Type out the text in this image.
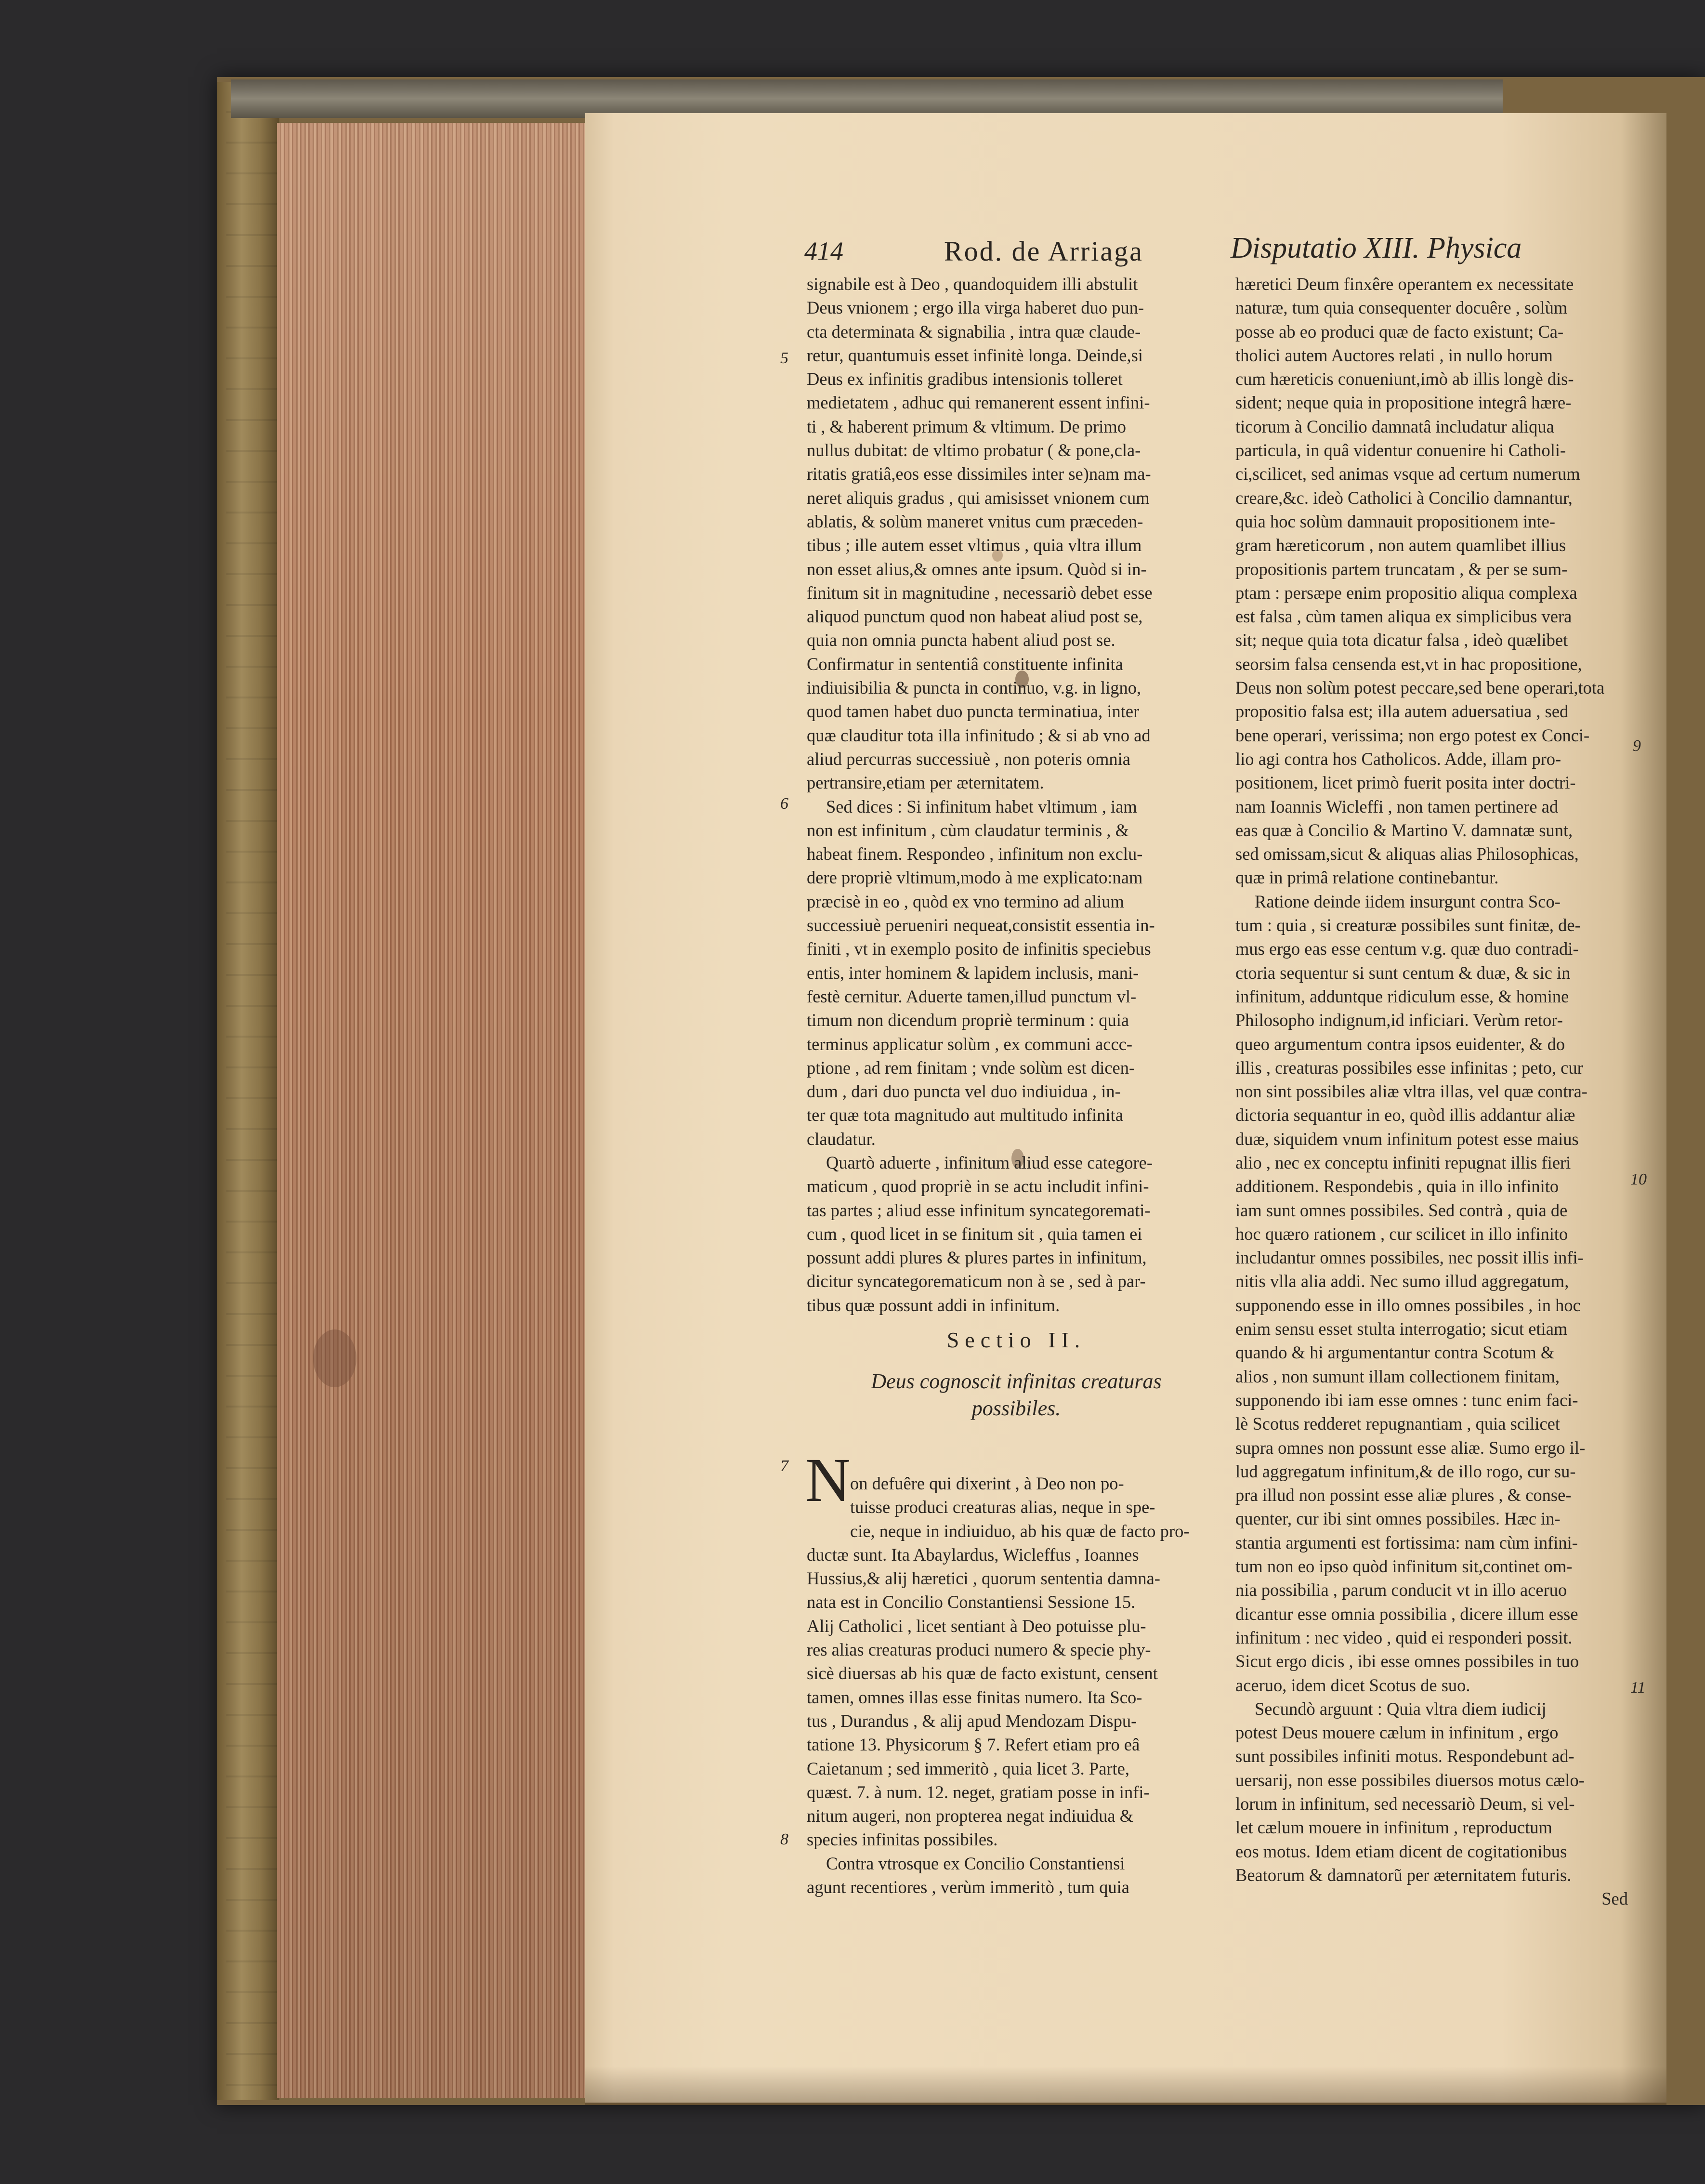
414	Rod. de Arriaga	Disputatio XIII. Physica
signabile est à Deo , quandoquidem illi abstulit
Deus vnionem ; ergo illa virga haberet duo pun-
cta determinata & signabilia , intra quæ claude-
retur, quantumuis esset infinitè longa. Deinde,si
Deus ex infinitis gradibus intensionis tolleret
medietatem , adhuc qui remanerent essent infini-
ti , & haberent primum & vltimum. De primo
nullus dubitat: de vltimo probatur ( & pone,cla-
ritatis gratiâ,eos esse dissimiles inter se)nam ma-
neret aliquis gradus , qui amisisset vnionem cum
ablatis, & solùm maneret vnitus cum præceden-
tibus ; ille autem esset vltimus , quia vltra illum
non esset alius,& omnes ante ipsum. Quòd si in-
finitum sit in magnitudine , necessariò debet esse
aliquod punctum quod non habeat aliud post se,
quia non omnia puncta habent aliud post se.
Confirmatur in sententiâ constituente infinita
indiuisibilia & puncta in continuo, v.g. in ligno,
quod tamen habet duo puncta terminatiua, inter
quæ clauditur tota illa infinitudo ; & si ab vno ad
aliud percurras successiuè , non poteris omnia
pertransire,etiam per æternitatem.
Sed dices : Si infinitum habet vltimum , iam
non est infinitum , cùm claudatur terminis , &
habeat finem. Respondeo , infinitum non exclu-
dere propriè vltimum,modo à me explicato:nam
præcisè in eo , quòd ex vno termino ad alium
successiuè perueniri nequeat,consistit essentia in-
finiti , vt in exemplo posito de infinitis speciebus
entis, inter hominem & lapidem inclusis, mani-
festè cernitur. Aduerte tamen,illud punctum vl-
timum non dicendum propriè terminum : quia
terminus applicatur solùm , ex communi accc-
ptione , ad rem finitam ; vnde solùm est dicen-
dum , dari duo puncta vel duo indiuidua , in-
ter quæ tota magnitudo aut multitudo infinita
claudatur.
Quartò aduerte , infinitum aliud esse categore-
maticum , quod propriè in se actu includit infini-
tas partes ; aliud esse infinitum syncategoremati-
cum , quod licet in se finitum sit , quia tamen ei
possunt addi plures & plures partes in infinitum,
dicitur syncategorematicum non à se , sed à par-
tibus quæ possunt addi in infinitum.
hæretici Deum finxêre operantem ex necessitate
naturæ, tum quia consequenter docuêre , solùm
posse ab eo produci quæ de facto existunt; Ca-
tholici autem Auctores relati , in nullo horum
cum hæreticis conueniunt,imò ab illis longè dis-
sident; neque quia in propositione integrâ hære-
ticorum à Concilio damnatâ includatur aliqua
particula, in quâ videntur conuenire hi Catholi-
ci,scilicet, sed animas vsque ad certum numerum
creare,&c. ideò Catholici à Concilio damnantur,
quia hoc solùm damnauit propositionem inte-
gram hæreticorum , non autem quamlibet illius
propositionis partem truncatam , & per se sum-
ptam : persæpe enim propositio aliqua complexa
est falsa , cùm tamen aliqua ex simplicibus vera
sit; neque quia tota dicatur falsa , ideò quælibet
seorsim falsa censenda est,vt in hac propositione,
Deus non solùm potest peccare,sed bene operari,tota
propositio falsa est; illa autem aduersatiua , sed
bene operari, verissima; non ergo potest ex Conci-
lio agi contra hos Catholicos. Adde, illam pro-
positionem, licet primò fuerit posita inter doctri-
nam Ioannis Wicleffi , non tamen pertinere ad
eas quæ à Concilio & Martino V. damnatæ sunt,
sed omissam,sicut & aliquas alias Philosophicas,
quæ in primâ relatione continebantur.
Ratione deinde iidem insurgunt contra Sco-
tum : quia , si creaturæ possibiles sunt finitæ, de-
mus ergo eas esse centum v.g. quæ duo contradi-
ctoria sequentur si sunt centum & duæ, & sic in
infinitum, adduntque ridiculum esse, & homine
Philosopho indignum,id inficiari. Verùm retor-
queo argumentum contra ipsos euidenter, & do
illis , creaturas possibiles esse infinitas ; peto, cur
non sint possibiles aliæ vltra illas, vel quæ contra-
dictoria sequantur in eo, quòd illis addantur aliæ
duæ, siquidem vnum infinitum potest esse maius
alio , nec ex conceptu infiniti repugnat illis fieri
additionem. Respondebis , quia in illo infinito
iam sunt omnes possibiles. Sed contrà , quia de
hoc quæro rationem , cur scilicet in illo infinito
includantur omnes possibiles, nec possit illis infi-
nitis vlla alia addi. Nec sumo illud aggregatum,
supponendo esse in illo omnes possibiles , in hoc
enim sensu esset stulta interrogatio; sicut etiam
quando & hi argumentantur contra Scotum &
alios , non sumunt illam collectionem finitam,
supponendo ibi iam esse omnes : tunc enim faci-
lè Scotus redderet repugnantiam , quia scilicet
supra omnes non possunt esse aliæ. Sumo ergo il-
lud aggregatum infinitum,& de illo rogo, cur su-
pra illud non possint esse aliæ plures , & conse-
quenter, cur ibi sint omnes possibiles. Hæc in-
stantia argumenti est fortissima: nam cùm infini-
tum non eo ipso quòd infinitum sit,continet om-
nia possibilia , parum conducit vt in illo aceruo
dicantur esse omnia possibilia , dicere illum esse
infinitum : nec video , quid ei responderi possit.
Sicut ergo dicis , ibi esse omnes possibiles in tuo
aceruo, idem dicet Scotus de suo.
Secundò arguunt : Quia vltra diem iudicij
potest Deus mouere cælum in infinitum , ergo
sunt possibiles infiniti motus. Respondebunt ad-
uersarij, non esse possibiles diuersos motus cælo-
lorum in infinitum, sed necessariò Deum, si vel-
let cælum mouere in infinitum , reproductum
eos motus. Idem etiam dicent de cogitationibus
Beatorum & damnatorũ per æternitatem futuris.
Sed
Sectio II.
Deus cognoscit infinitas creaturas
possibiles.
N on defuêre qui dixerint , à Deo non po-
tuisse produci creaturas alias, neque in spe-
cie, neque in indiuiduo, ab his quæ de facto pro-
ductæ sunt. Ita Abaylardus, Wicleffus , Ioannes
Hussius,& alij hæretici , quorum sententia damna-
nata est in Concilio Constantiensi Sessione 15.
Alij Catholici , licet sentiant à Deo potuisse plu-
res alias creaturas produci numero & specie phy-
sicè diuersas ab his quæ de facto existunt, censent
tamen, omnes illas esse finitas numero. Ita Sco-
tus , Durandus , & alij apud Mendozam Dispu-
tatione 13. Physicorum § 7. Refert etiam pro eâ
Caietanum ; sed immeritò , quia licet 3. Parte,
quæst. 7. à num. 12. neget, gratiam posse in infi-
nitum augeri, non propterea negat indiuidua &
species infinitas possibiles.
Contra vtrosque ex Concilio Constantiensi
agunt recentiores , verùm immeritò , tum quia
5
6
7
8
9
10
11
